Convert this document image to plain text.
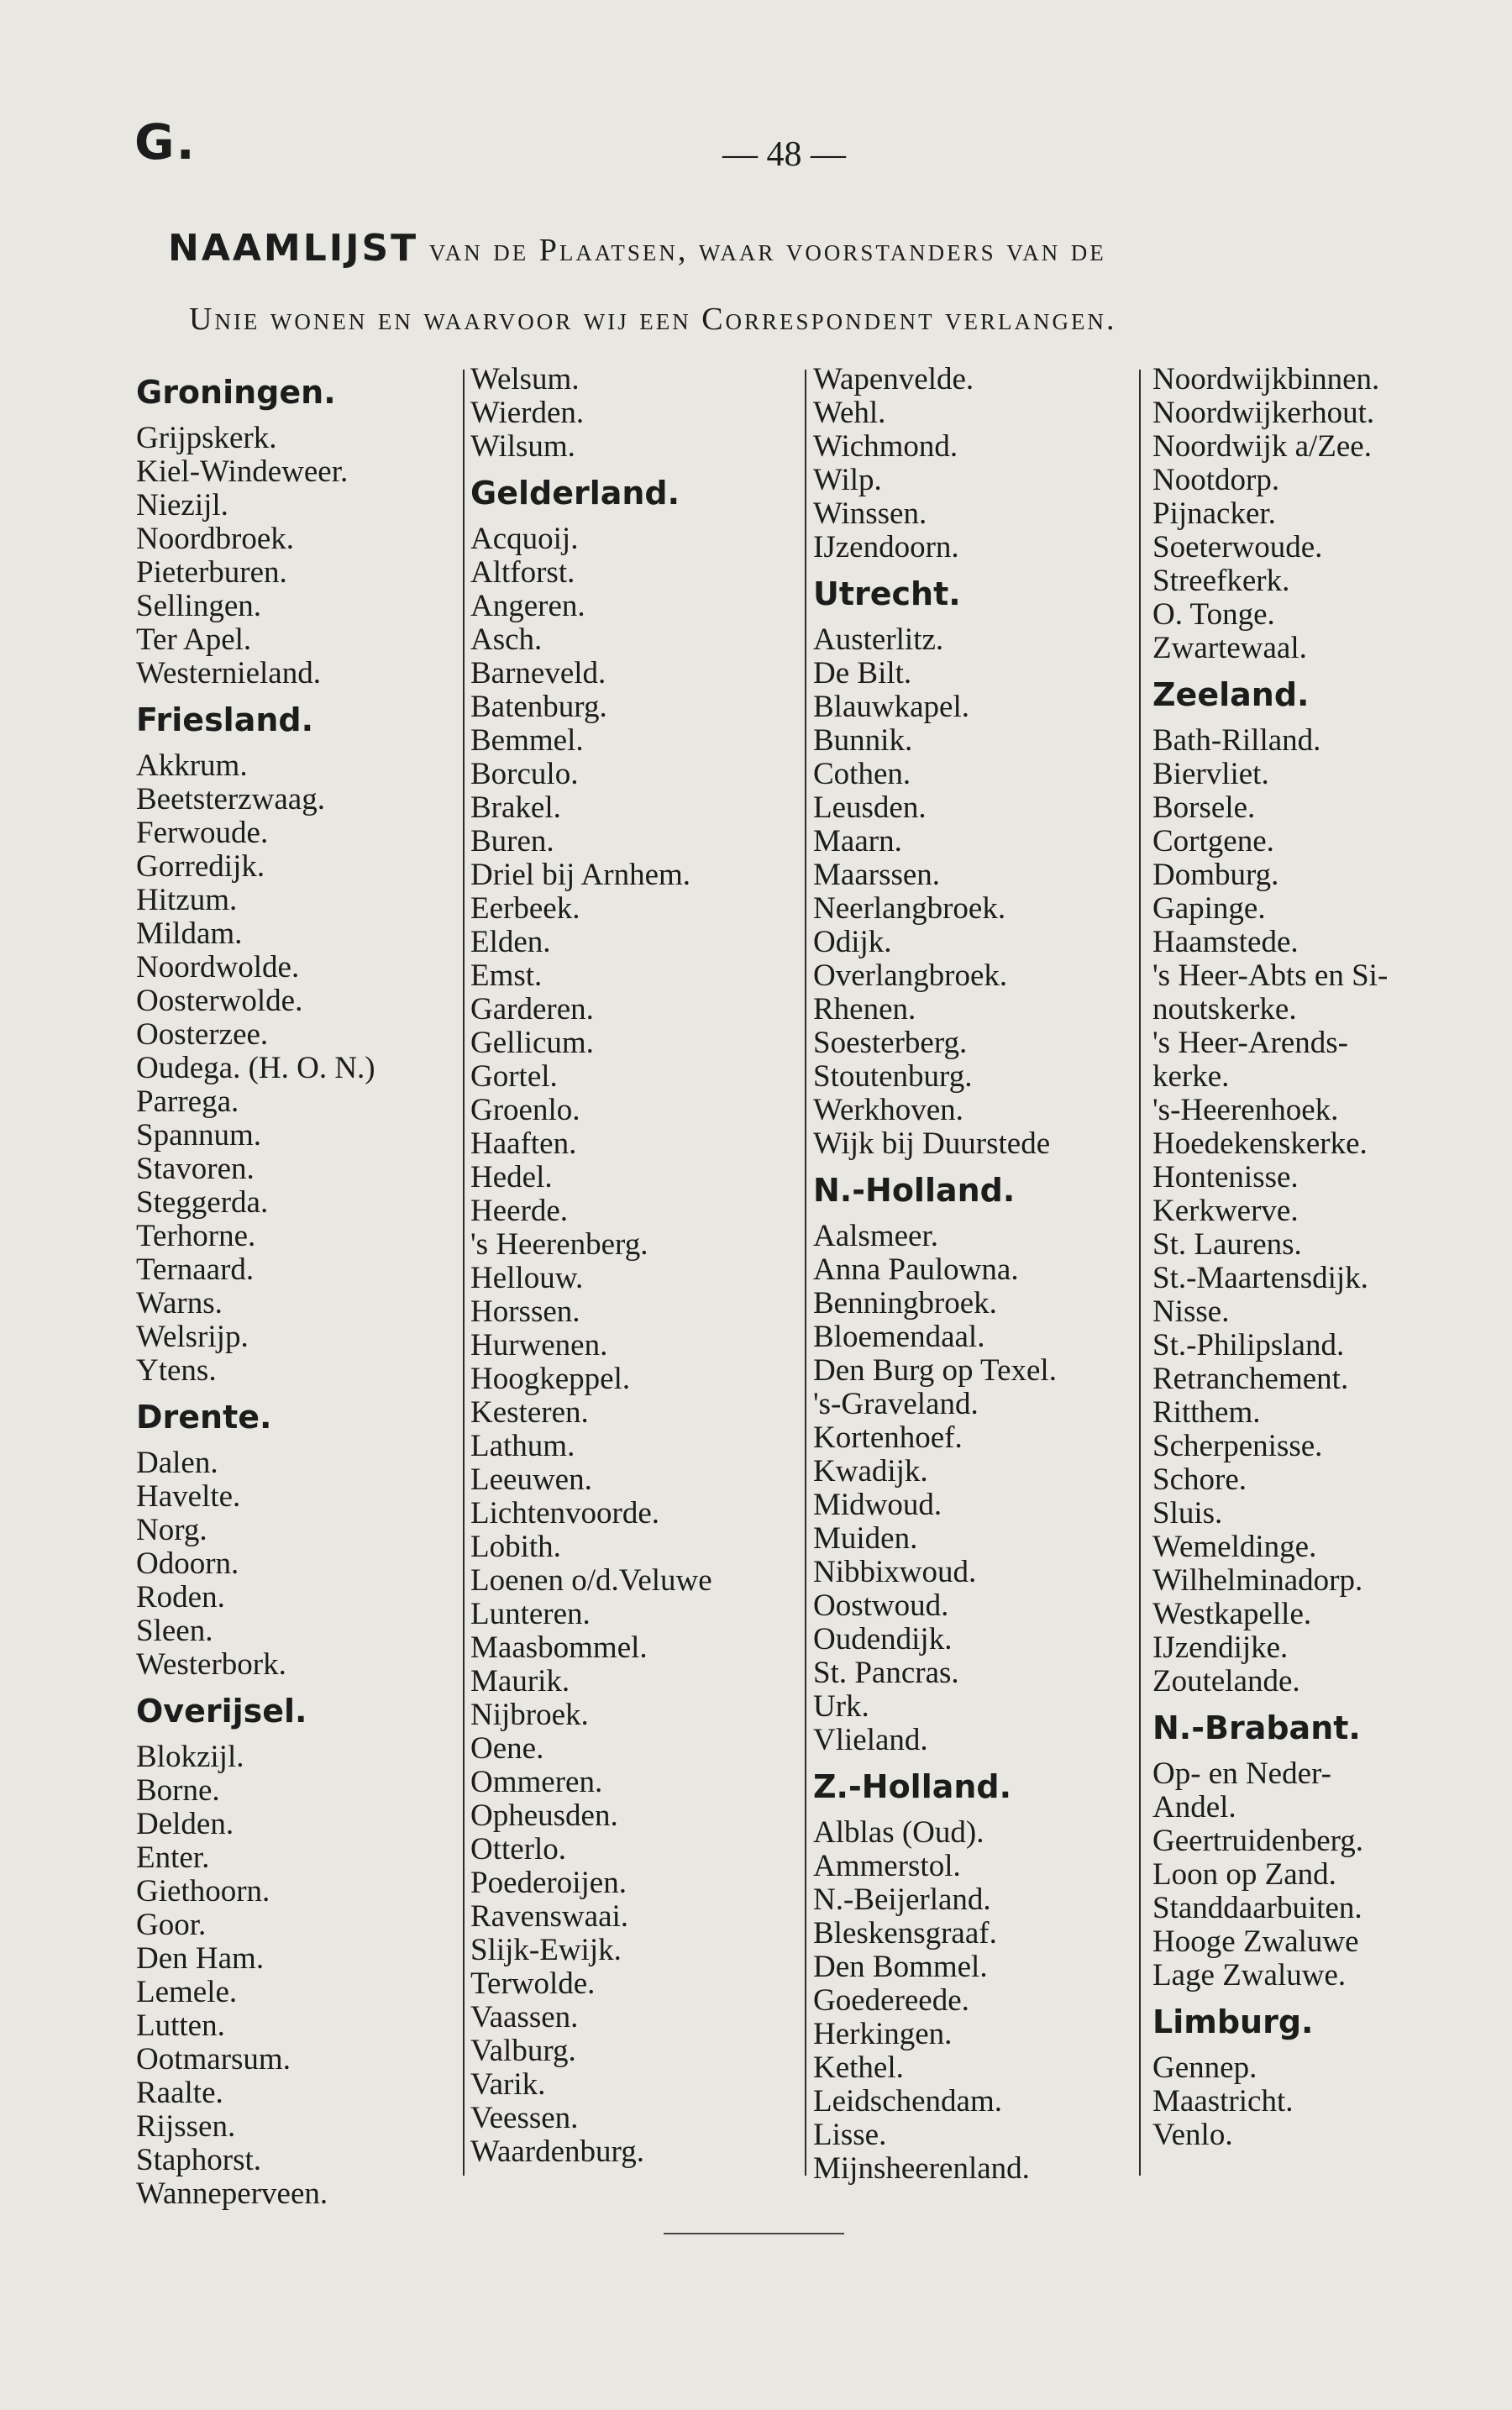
G.	— 48 —
NAAMLIJST van de Plaatsen, waar voorstanders van de
Unie wonen en waarvoor wij een Correspondent verlangen.
Groningen.
Grijpskerk.
Kiel-Windeweer.
Niezijl.
Noordbroek.
Pieterburen.
Sellingen.
Ter Apel.
Westernieland.
Friesland.
Akkrum.
Beetsterzwaag.
Ferwoude.
Gorredijk.
Hitzum.
Mildam.
Noordwolde.
Oosterwolde.
Oosterzee.
Oudega. (H. O. N.)
Parrega.
Spannum.
Stavoren.
Steggerda.
Terhorne.
Ternaard.
Warns.
Welsrijp.
Ytens.
Drente.
Dalen.
Havelte.
Norg.
Odoorn.
Roden.
Sleen.
Westerbork.
Overijsel.
Blokzijl.
Borne.
Delden.
Enter.
Giethoorn.
Goor.
Den Ham.
Lemele.
Lutten.
Ootmarsum.
Raalte.
Rijssen.
Staphorst.
Wanneperveen.
Welsum.
Wierden.
Wilsum.
Gelderland.
Acquoij.
Altforst.
Angeren.
Asch.
Barneveld.
Batenburg.
Bemmel.
Borculo.
Brakel.
Buren.
Driel bij Arnhem.
Eerbeek.
Elden.
Emst.
Garderen.
Gellicum.
Gortel.
Groenlo.
Haaften.
Hedel.
Heerde.
's Heerenberg.
Hellouw.
Horssen.
Hurwenen.
Hoogkeppel.
Kesteren.
Lathum.
Leeuwen.
Lichtenvoorde.
Lobith.
Loenen o/d.Veluwe
Lunteren.
Maasbommel.
Maurik.
Nijbroek.
Oene.
Ommeren.
Opheusden.
Otterlo.
Poederoijen.
Ravenswaai.
Slijk-Ewijk.
Terwolde.
Vaassen.
Valburg.
Varik.
Veessen.
Waardenburg.
Wapenvelde.
Wehl.
Wichmond.
Wilp.
Winssen.
IJzendoorn.
Utrecht.
Austerlitz.
De Bilt.
Blauwkapel.
Bunnik.
Cothen.
Leusden.
Maarn.
Maarssen.
Neerlangbroek.
Odijk.
Overlangbroek.
Rhenen.
Soesterberg.
Stoutenburg.
Werkhoven.
Wijk bij Duurstede
N.-Holland.
Aalsmeer.
Anna Paulowna.
Benningbroek.
Bloemendaal.
Den Burg op Texel.
's-Graveland.
Kortenhoef.
Kwadijk.
Midwoud.
Muiden.
Nibbixwoud.
Oostwoud.
Oudendijk.
St. Pancras.
Urk.
Vlieland.
Z.-Holland.
Alblas (Oud).
Ammerstol.
N.-Beijerland.
Bleskensgraaf.
Den Bommel.
Goedereede.
Herkingen.
Kethel.
Leidschendam.
Lisse.
Mijnsheerenland.
Noordwijkbinnen.
Noordwijkerhout.
Noordwijk a/Zee.
Nootdorp.
Pijnacker.
Soeterwoude.
Streefkerk.
O. Tonge.
Zwartewaal.
Zeeland.
Bath-Rilland.
Biervliet.
Borsele.
Cortgene.
Domburg.
Gapinge.
Haamstede.
's Heer-Abts en Si-
noutskerke.
's Heer-Arends-
kerke.
's-Heerenhoek.
Hoedekenskerke.
Hontenisse.
Kerkwerve.
St. Laurens.
St.-Maartensdijk.
Nisse.
St.-Philipsland.
Retranchement.
Ritthem.
Scherpenisse.
Schore.
Sluis.
Wemeldinge.
Wilhelminadorp.
Westkapelle.
IJzendijke.
Zoutelande.
N.-Brabant.
Op- en Neder-
Andel.
Geertruidenberg.
Loon op Zand.
Standdaarbuiten.
Hooge Zwaluwe
Lage Zwaluwe.
Limburg.
Gennep.
Maastricht.
Venlo.
